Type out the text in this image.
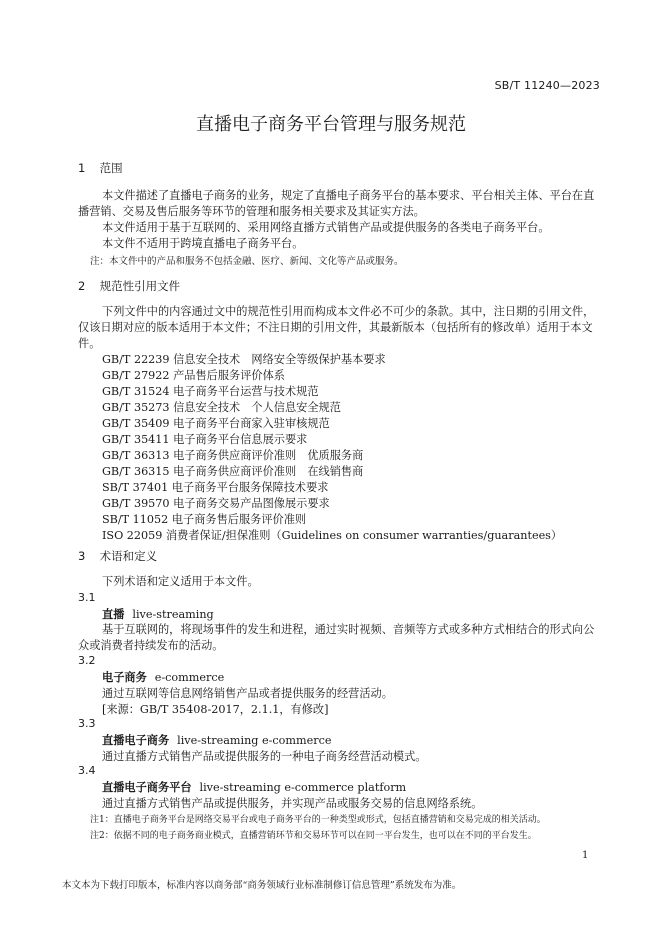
SB/T 11240—2023
直播电子商务平台管理与服务规范
1 范围
本文件描述了直播电子商务的业务，规定了直播电子商务平台的基本要求、平台相关主体、平台在直播营销、交易及售后服务等环节的管理和服务相关要求及其证实方法。
本文件适用于基于互联网的、采用网络直播方式销售产品或提供服务的各类电子商务平台。
本文件不适用于跨境直播电子商务平台。
注：本文件中的产品和服务不包括金融、医疗、新闻、文化等产品或服务。
2 规范性引用文件
下列文件中的内容通过文中的规范性引用而构成本文件必不可少的条款。其中，注日期的引用文件，仅该日期对应的版本适用于本文件；不注日期的引用文件，其最新版本（包括所有的修改单）适用于本文件。
GB/T 22239 信息安全技术　网络安全等级保护基本要求
GB/T 27922 产品售后服务评价体系
GB/T 31524 电子商务平台运营与技术规范
GB/T 35273 信息安全技术　个人信息安全规范
GB/T 35409 电子商务平台商家入驻审核规范
GB/T 35411 电子商务平台信息展示要求
GB/T 36313 电子商务供应商评价准则　优质服务商
GB/T 36315 电子商务供应商评价准则　在线销售商
SB/T 37401 电子商务平台服务保障技术要求
GB/T 39570 电子商务交易产品图像展示要求
SB/T 11052 电子商务售后服务评价准则
ISO 22059 消费者保证/担保准则（Guidelines on consumer warranties/guarantees）
3 术语和定义
下列术语和定义适用于本文件。
3.1
直播 live-streaming
基于互联网的，将现场事件的发生和进程，通过实时视频、音频等方式或多种方式相结合的形式向公众或消费者持续发布的活动。
3.2
电子商务 e-commerce
通过互联网等信息网络销售产品或者提供服务的经营活动。
[来源：GB/T 35408-2017，2.1.1，有修改]
3.3
直播电子商务 live-streaming e-commerce
通过直播方式销售产品或提供服务的一种电子商务经营活动模式。
3.4
直播电子商务平台 live-streaming e-commerce platform
通过直播方式销售产品或提供服务，并实现产品或服务交易的信息网络系统。
注1：直播电子商务平台是网络交易平台或电子商务平台的一种类型或形式，包括直播营销和交易完成的相关活动。
注2：依据不同的电子商务商业模式，直播营销环节和交易环节可以在同一平台发生，也可以在不同的平台发生。
1
本文本为下载打印版本，标准内容以商务部“商务领域行业标准制修订信息管理”系统发布为准。
